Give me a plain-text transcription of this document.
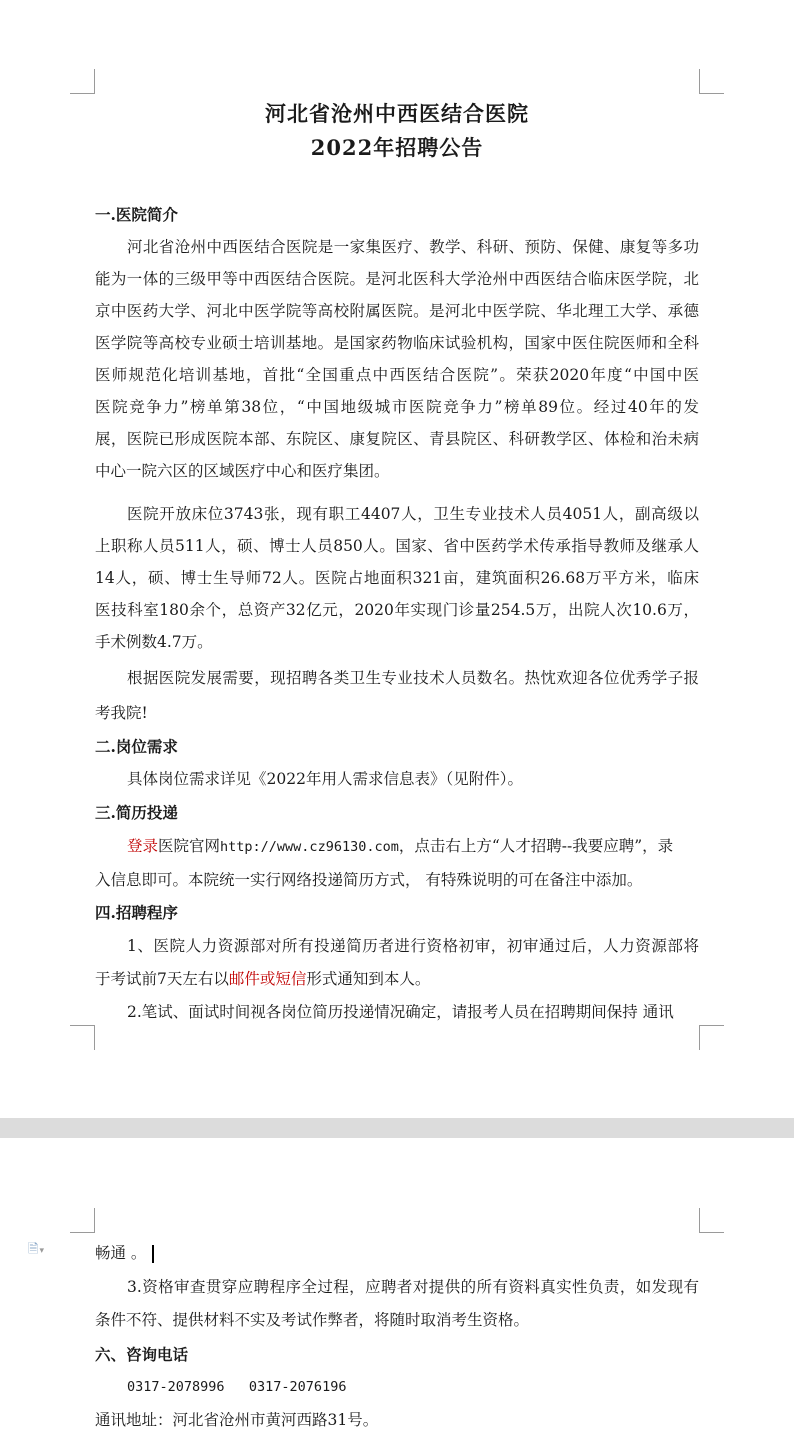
河北省沧州中西医结合医院
2022年招聘公告
一.医院简介
河北省沧州中西医结合医院是一家集医疗、教学、科研、预防、保健、康复等多功
能为一体的三级甲等中西医结合医院。是河北医科大学沧州中西医结合临床医学院，北
京中医药大学、河北中医学院等高校附属医院。是河北中医学院、华北理工大学、承德
医学院等高校专业硕士培训基地。是国家药物临床试验机构，国家中医住院医师和全科
医师规范化培训基地，首批“全国重点中西医结合医院”。荣获2020年度“中国中医
医院竞争力”榜单第38位，“中国地级城市医院竞争力”榜单89位。经过40年的发
展，医院已形成医院本部、东院区、康复院区、青县院区、科研教学区、体检和治未病
中心一院六区的区域医疗中心和医疗集团。
医院开放床位3743张，现有职工4407人，卫生专业技术人员4051人，副高级以
上职称人员511人，硕、博士人员850人。国家、省中医药学术传承指导教师及继承人
14人，硕、博士生导师72人。医院占地面积321亩，建筑面积26.68万平方米，临床
医技科室180余个，总资产32亿元，2020年实现门诊量254.5万，出院人次10.6万，
手术例数4.7万。
根据医院发展需要，现招聘各类卫生专业技术人员数名。热忱欢迎各位优秀学子报
考我院!
二.岗位需求
具体岗位需求详见《2022年用人需求信息表》（见附件）。
三.简历投递
登录医院官网http://www.cz96130.com，点击右上方“人才招聘--我要应聘”，录
入信息即可。本院统一实行网络投递简历方式， 有特殊说明的可在备注中添加。
四.招聘程序
1、医院人力资源部对所有投递简历者进行资格初审，初审通过后，人力资源部将
于考试前7天左右以邮件或短信形式通知到本人。
2.笔试、面试时间视各岗位简历投递情况确定，请报考人员在招聘期间保持 通讯
🗎▾	畅通 。
3.资格审查贯穿应聘程序全过程，应聘者对提供的所有资料真实性负责，如发现有
条件不符、提供材料不实及考试作弊者，将随时取消考生资格。
六、咨询电话
0317-2078996   0317-2076196
通讯地址：河北省沧州市黄河西路31号。
